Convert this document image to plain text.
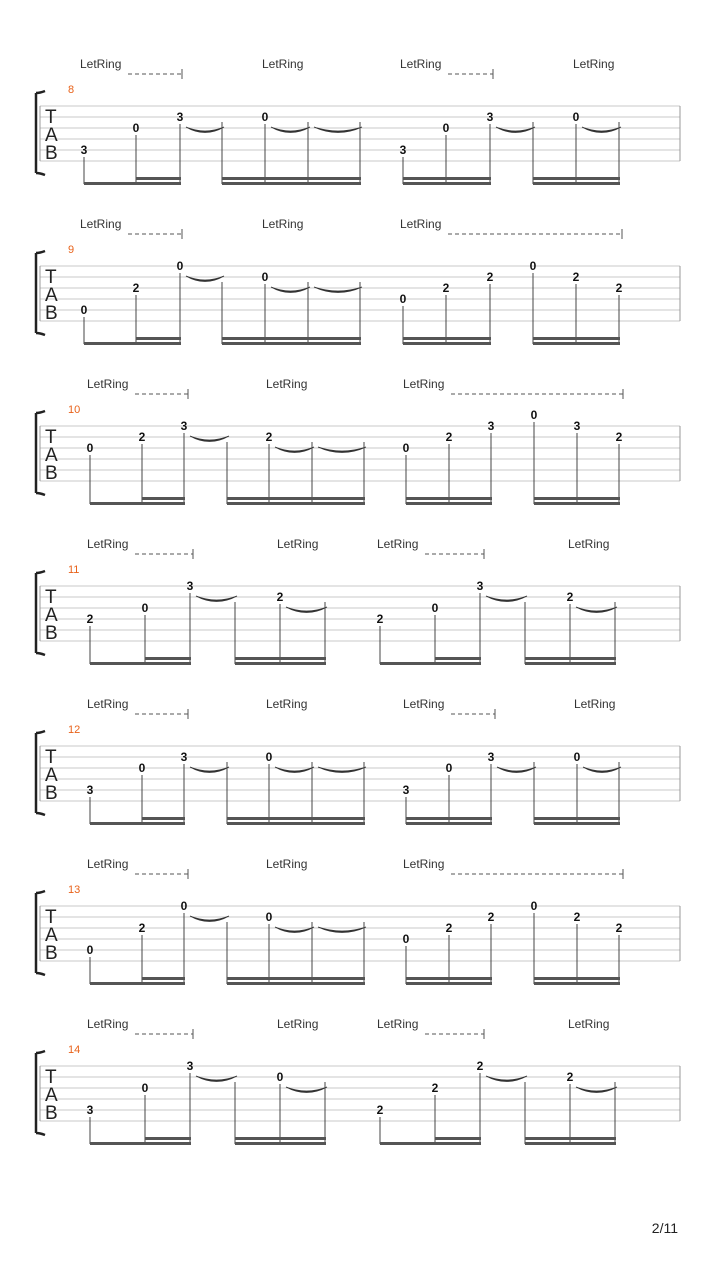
LetRing	LetRing	LetRing	LetRing
8
T
A
B 3
0
3	0
3
0
3	0
LetRing	LetRing	LetRing
9
T
A
B 0
2
0
0
0
2
2
0
2
2
LetRing	LetRing	LetRing
10
T
A
B
0
2
3
2
0
2
3
0
3
2
LetRing	LetRing	LetRing	LetRing
11
T
A
B
2
0
3
2
2
0
3
2
LetRing	LetRing	LetRing	LetRing
12
T
A
B 3
0
3	0
3
0
3	0
LetRing	LetRing	LetRing
13
T
A
B 0
2
0
0
0
2
2
0
2
2
LetRing	LetRing	LetRing	LetRing
14
T
A
B 3
0
3
0
2
2
2
2
2/11
